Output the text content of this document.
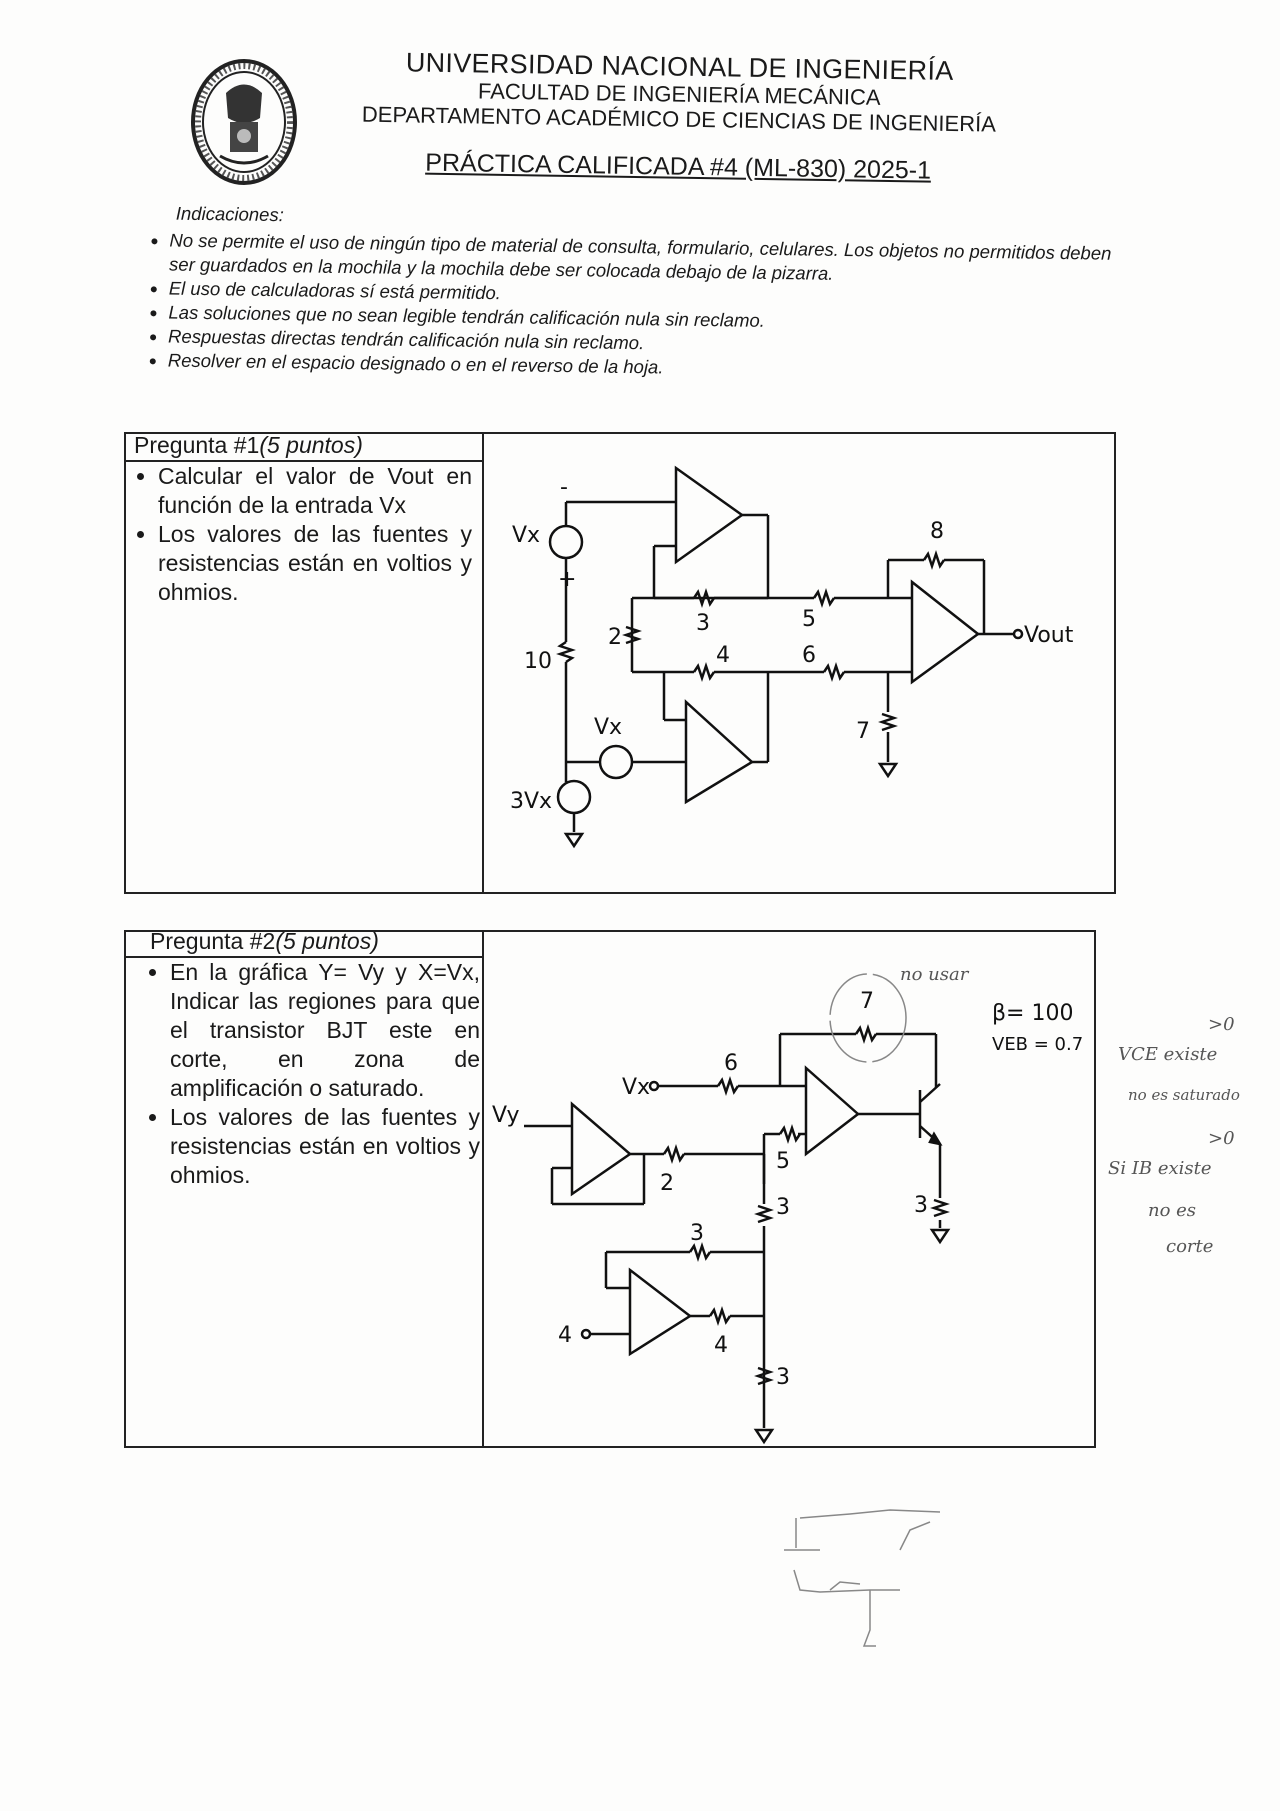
UNIVERSIDAD NACIONAL DE INGENIERÍA
FACULTAD DE INGENIERÍA MECÁNICA
DEPARTAMENTO ACADÉMICO DE CIENCIAS DE INGENIERÍA
PRÁCTICA CALIFICADA #4 (ML-830) 2025-1
Indicaciones:
• No se permite el uso de ningún tipo de material de consulta, formulario, celulares. Los objetos no permitidos deben ser guardados en la mochila y la mochila debe ser colocada debajo de la pizarra.
• El uso de calculadoras sí está permitido.
• Las soluciones que no sean legible tendrán calificación nula sin reclamo.
• Respuestas directas tendrán calificación nula sin reclamo.
• Resolver en el espacio designado o en el reverso de la hoja.
Pregunta #1(5 puntos)
• Calcular el valor de Vout en función de la entrada Vx
• Los valores de las fuentes y resistencias están en voltios y ohmios.
Vx
-
+
10
2
3
4
5
6
7
8
Vout
Vx
3Vx
Pregunta #2(5 puntos)
• En la gráfica Y= Vy y X=Vx, Indicar las regiones para que el transistor BJT este en corte, en zona de amplificación o saturado.
• Los valores de las fuentes y resistencias están en voltios y ohmios.
Vy
Vx
4
2
3
3
3
3
4
5
6
7	β= 100
VEB = 0.7
no usar
VCE existe
>0
no es saturado
Si IB existe
>0
no es
corte
